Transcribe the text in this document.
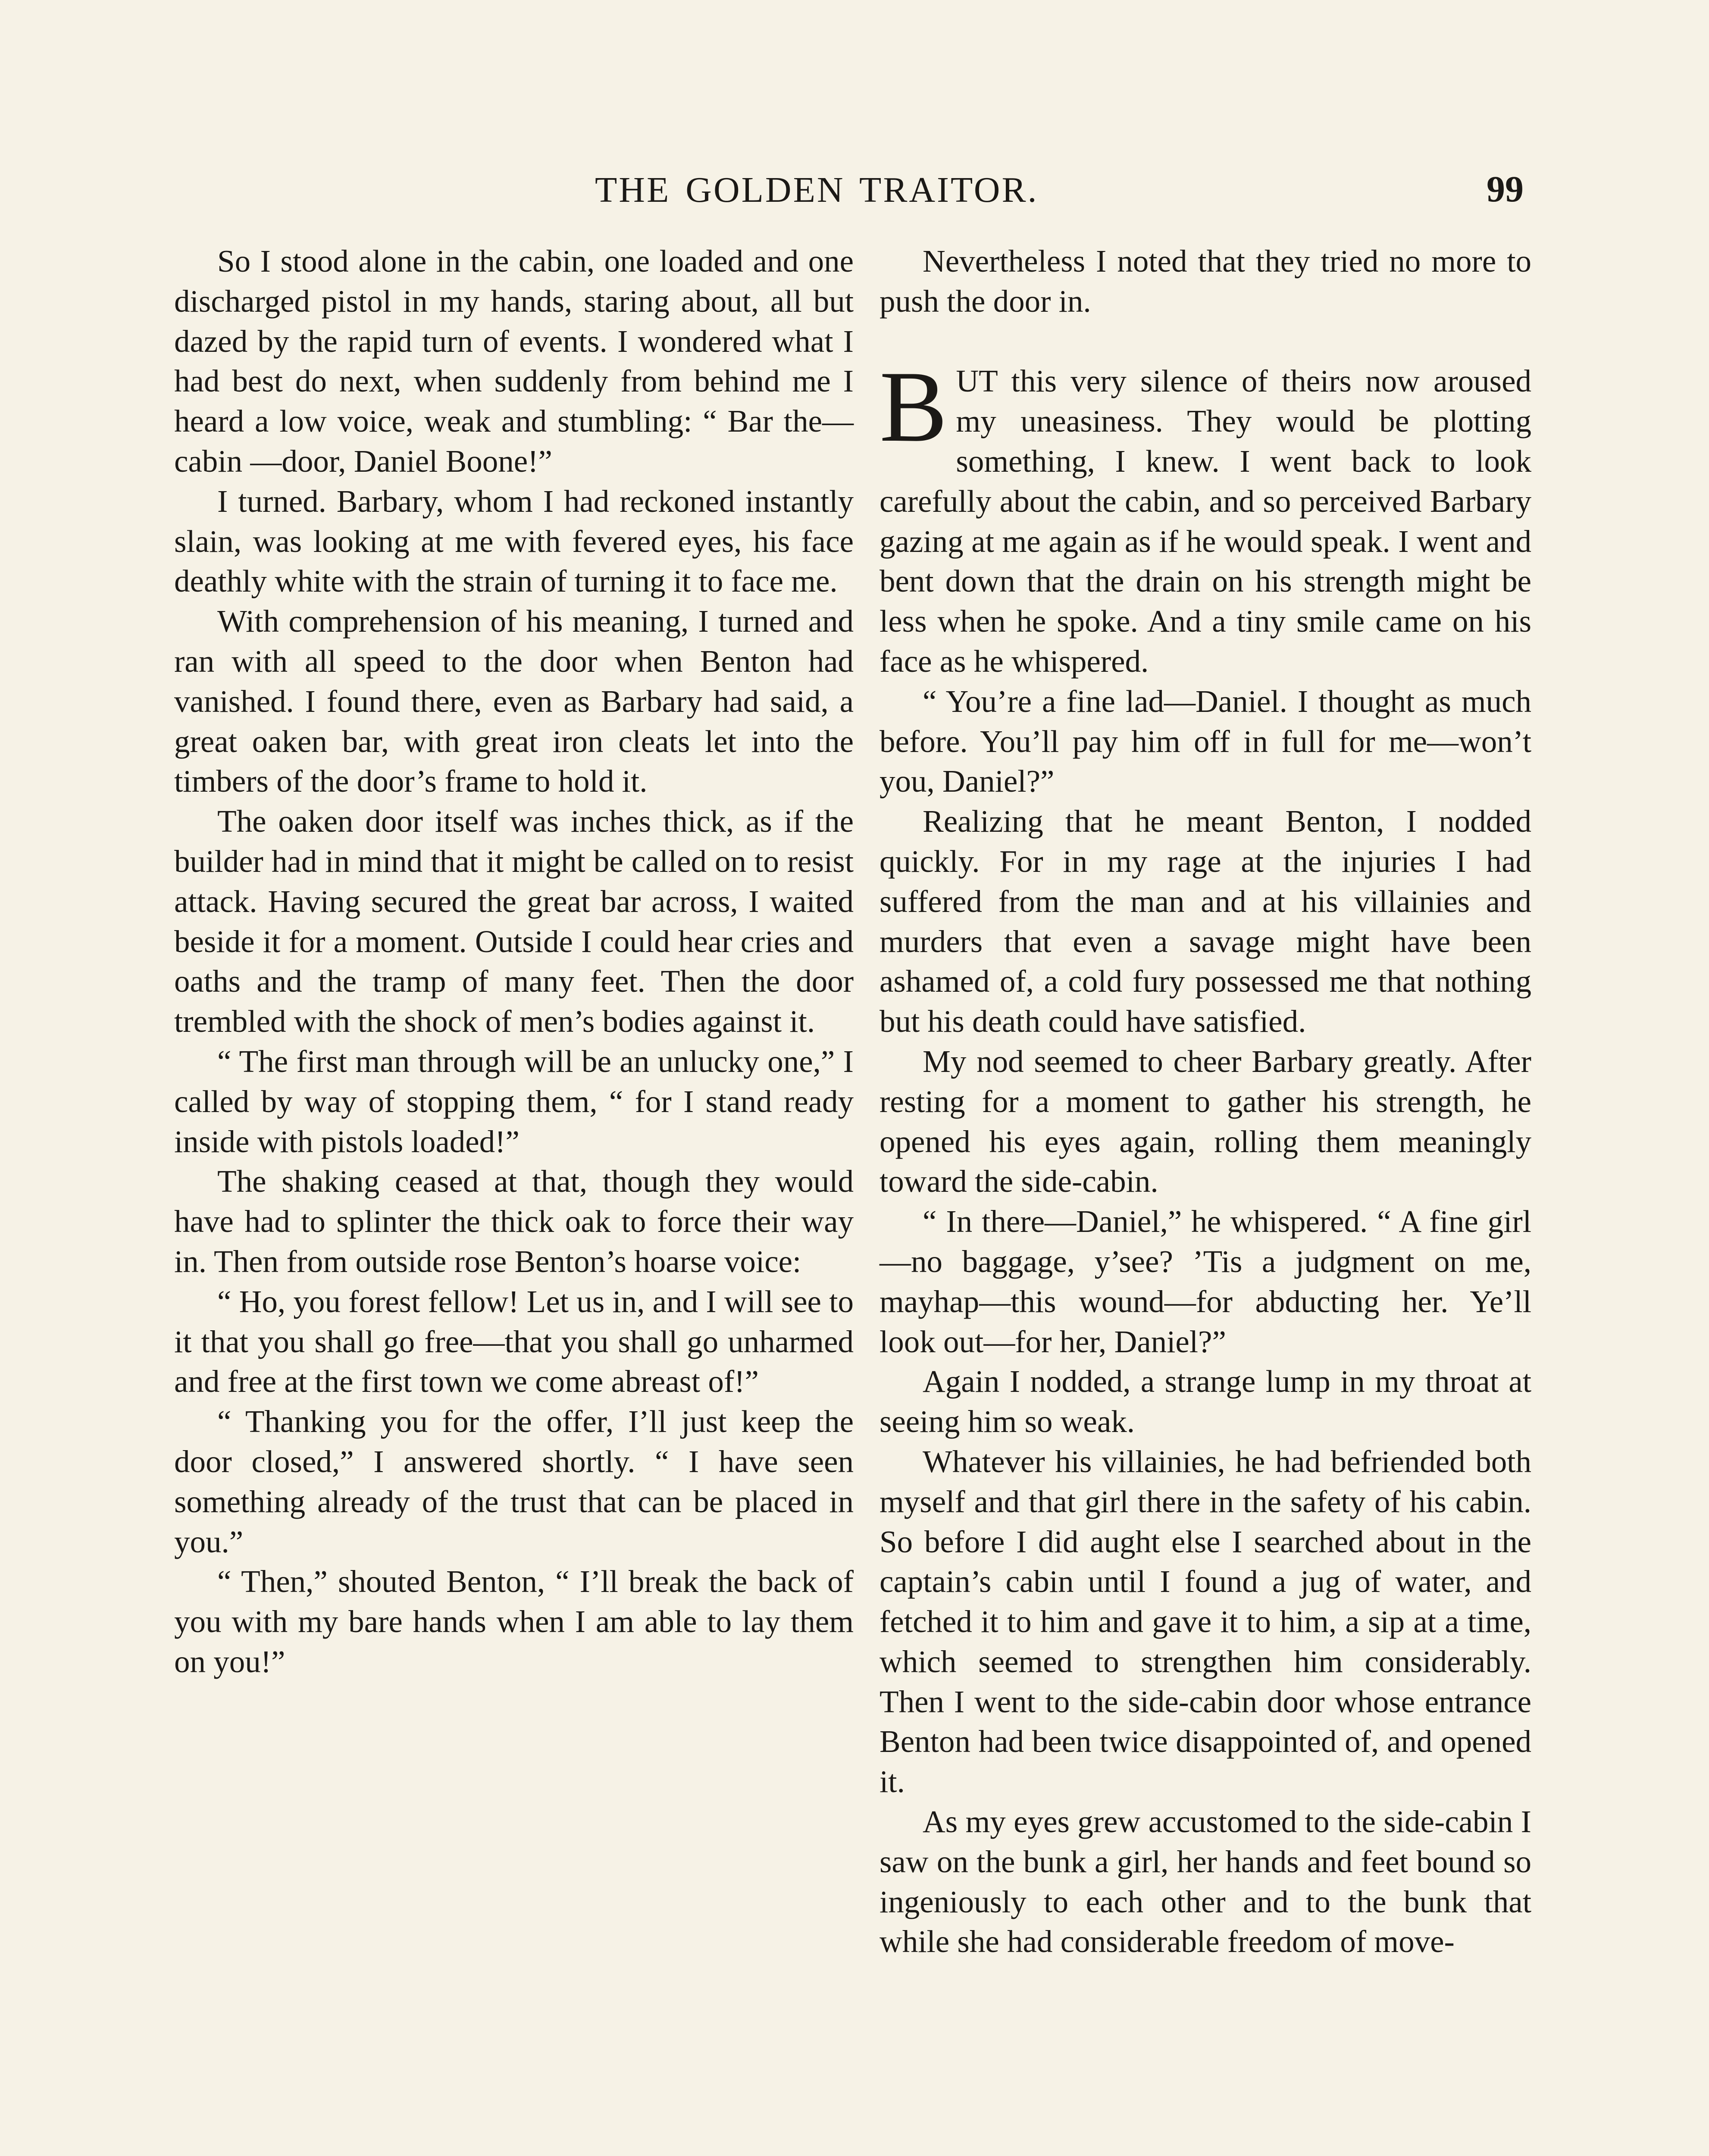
THE GOLDEN TRAITOR.	99

So I stood alone in the cabin, one loaded and one discharged pistol in my hands, staring about, all but dazed by the rapid turn of events. I wondered what I had best do next, when suddenly from behind me I heard a low voice, weak and stumbling: “ Bar the—cabin —door, Daniel Boone!”

I turned. Barbary, whom I had reckoned instantly slain, was looking at me with fevered eyes, his face deathly white with the strain of turning it to face me.

With comprehension of his meaning, I turned and ran with all speed to the door when Benton had vanished. I found there, even as Barbary had said, a great oaken bar, with great iron cleats let into the timbers of the door’s frame to hold it.

The oaken door itself was inches thick, as if the builder had in mind that it might be called on to resist attack. Having secured the great bar across, I waited beside it for a moment. Outside I could hear cries and oaths and the tramp of many feet. Then the door trembled with the shock of men’s bodies against it.

“ The first man through will be an unlucky one,” I called by way of stopping them, “ for I stand ready inside with pistols loaded!”

The shaking ceased at that, though they would have had to splinter the thick oak to force their way in. Then from outside rose Benton’s hoarse voice:

“ Ho, you forest fellow! Let us in, and I will see to it that you shall go free—that you shall go unharmed and free at the first town we come abreast of!”

“ Thanking you for the offer, I’ll just keep the door closed,” I answered shortly. “ I have seen something already of the trust that can be placed in you.”

“ Then,” shouted Benton, “ I’ll break the back of you with my bare hands when I am able to lay them on you!”

Nevertheless I noted that they tried no more to push the door in.

BUT this very silence of theirs now aroused my uneasiness. They would be plotting something, I knew. I went back to look carefully about the cabin, and so perceived Barbary gazing at me again as if he would speak. I went and bent down that the drain on his strength might be less when he spoke. And a tiny smile came on his face as he whispered.

“ You’re a fine lad—Daniel. I thought as much before. You’ll pay him off in full for me—won’t you, Daniel?”

Realizing that he meant Benton, I nodded quickly. For in my rage at the injuries I had suffered from the man and at his villainies and murders that even a savage might have been ashamed of, a cold fury possessed me that nothing but his death could have satisfied.

My nod seemed to cheer Barbary greatly. After resting for a moment to gather his strength, he opened his eyes again, rolling them meaningly toward the side-cabin.

“ In there—Daniel,” he whispered. “ A fine girl—no baggage, y’see? ’Tis a judgment on me, mayhap—this wound—for abducting her. Ye’ll look out—for her, Daniel?”

Again I nodded, a strange lump in my throat at seeing him so weak.

Whatever his villainies, he had befriended both myself and that girl there in the safety of his cabin. So before I did aught else I searched about in the captain’s cabin until I found a jug of water, and fetched it to him and gave it to him, a sip at a time, which seemed to strengthen him considerably. Then I went to the side-cabin door whose entrance Benton had been twice disappointed of, and opened it.

As my eyes grew accustomed to the side-cabin I saw on the bunk a girl, her hands and feet bound so ingeniously to each other and to the bunk that while she had considerable freedom of move-
